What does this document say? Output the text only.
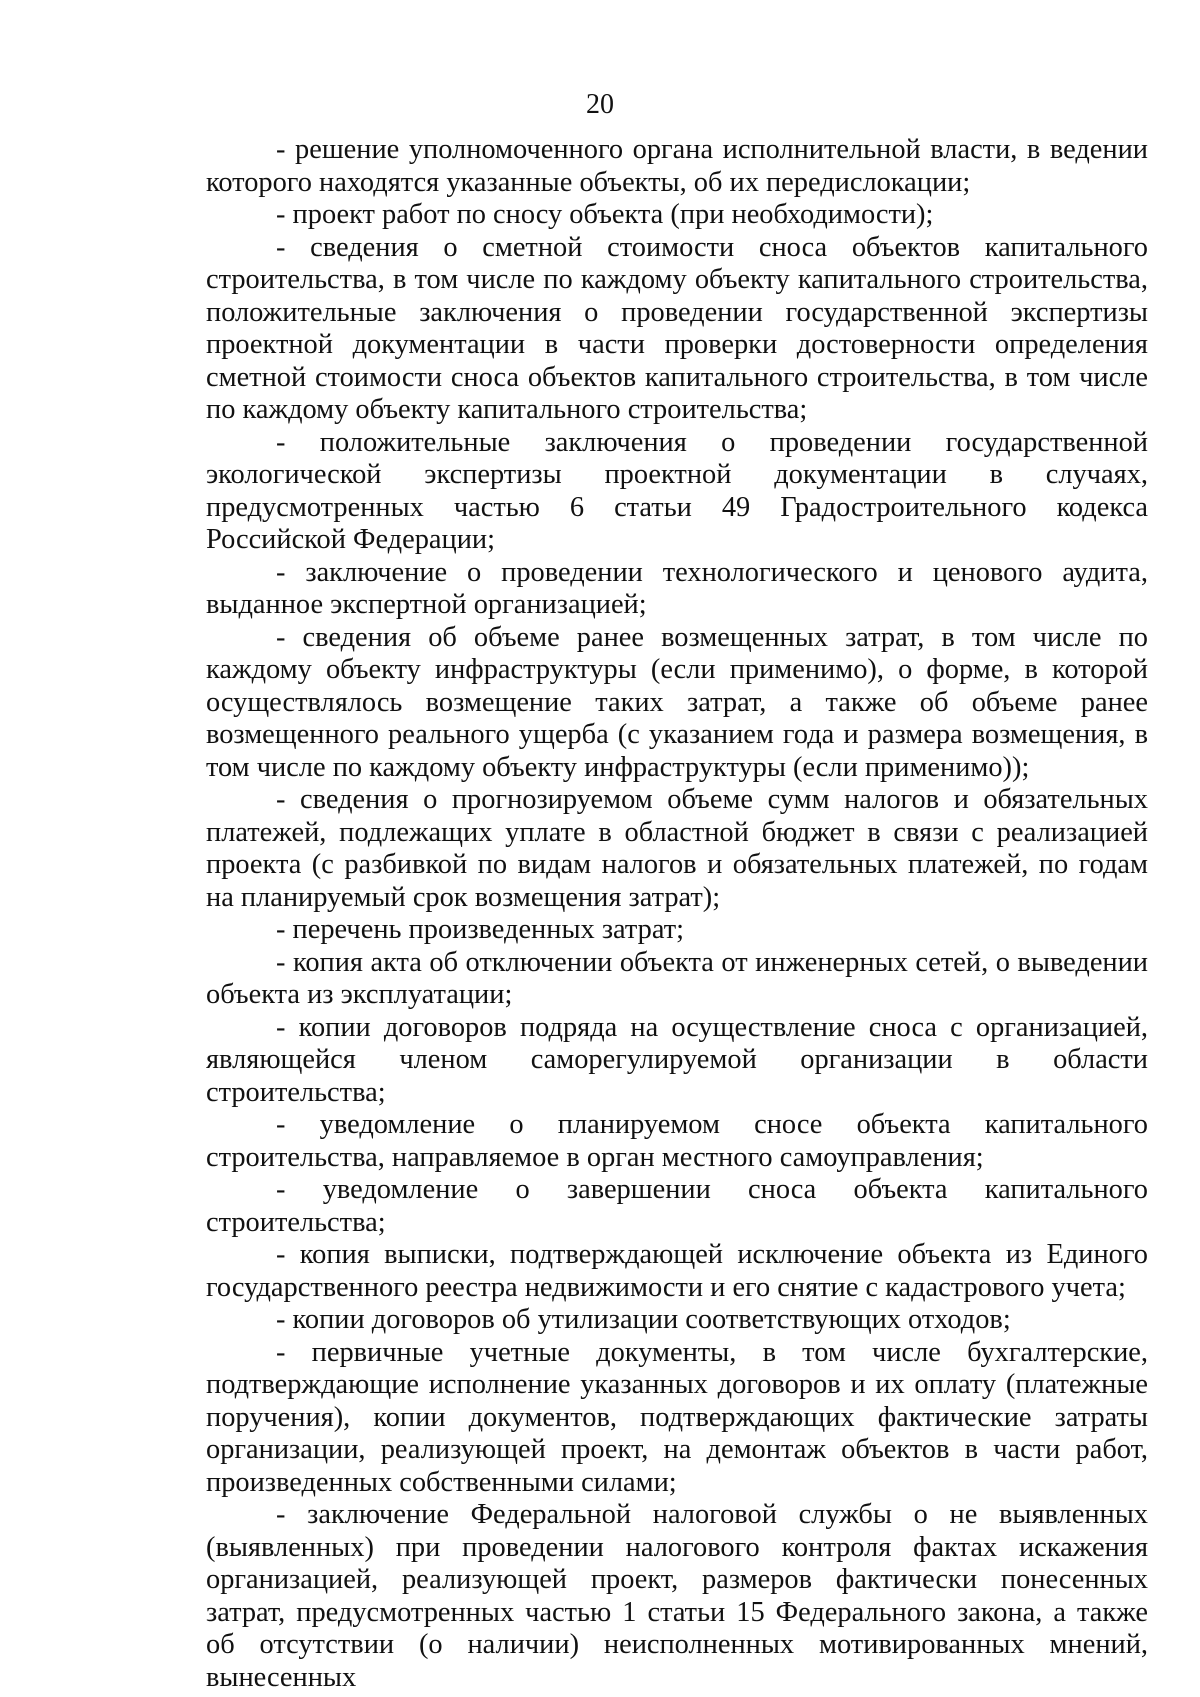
20

- решение уполномоченного органа исполнительной власти, в ведении которого находятся указанные объекты, об их передислокации;

- проект работ по сносу объекта (при необходимости);

- сведения о сметной стоимости сноса объектов капитального строительства, в том числе по каждому объекту капитального строительства, положительные заключения о проведении государственной экспертизы проектной документации в части проверки достоверности определения сметной стоимости сноса объектов капитального строительства, в том числе по каждому объекту капитального строительства;

- положительные заключения о проведении государственной экологической экспертизы проектной документации в случаях, предусмотренных частью 6 статьи 49 Градостроительного кодекса Российской Федерации;

- заключение о проведении технологического и ценового аудита, выданное экспертной организацией;

- сведения об объеме ранее возмещенных затрат, в том числе по каждому объекту инфраструктуры (если применимо), о форме, в которой осуществлялось возмещение таких затрат, а также об объеме ранее возмещенного реального ущерба (с указанием года и размера возмещения, в том числе по каждому объекту инфраструктуры (если применимо));

- сведения о прогнозируемом объеме сумм налогов и обязательных платежей, подлежащих уплате в областной бюджет в связи с реализацией проекта (с разбивкой по видам налогов и обязательных платежей, по годам на планируемый срок возмещения затрат);

- перечень произведенных затрат;

- копия акта об отключении объекта от инженерных сетей, о выведении объекта из эксплуатации;

- копии договоров подряда на осуществление сноса с организацией, являющейся членом саморегулируемой организации в области строительства;

- уведомление о планируемом сносе объекта капитального строительства, направляемое в орган местного самоуправления;

- уведомление о завершении сноса объекта капитального строительства;

- копия выписки, подтверждающей исключение объекта из Единого государственного реестра недвижимости и его снятие с кадастрового учета;

- копии договоров об утилизации соответствующих отходов;

- первичные учетные документы, в том числе бухгалтерские, подтверждающие исполнение указанных договоров и их оплату (платежные поручения), копии документов, подтверждающих фактические затраты организации, реализующей проект, на демонтаж объектов в части работ, произведенных собственными силами;

- заключение Федеральной налоговой службы о не выявленных (выявленных) при проведении налогового контроля фактах искажения организацией, реализующей проект, размеров фактически понесенных затрат, предусмотренных частью 1 статьи 15 Федерального закона, а также об отсутствии (о наличии) неисполненных мотивированных мнений, вынесенных
